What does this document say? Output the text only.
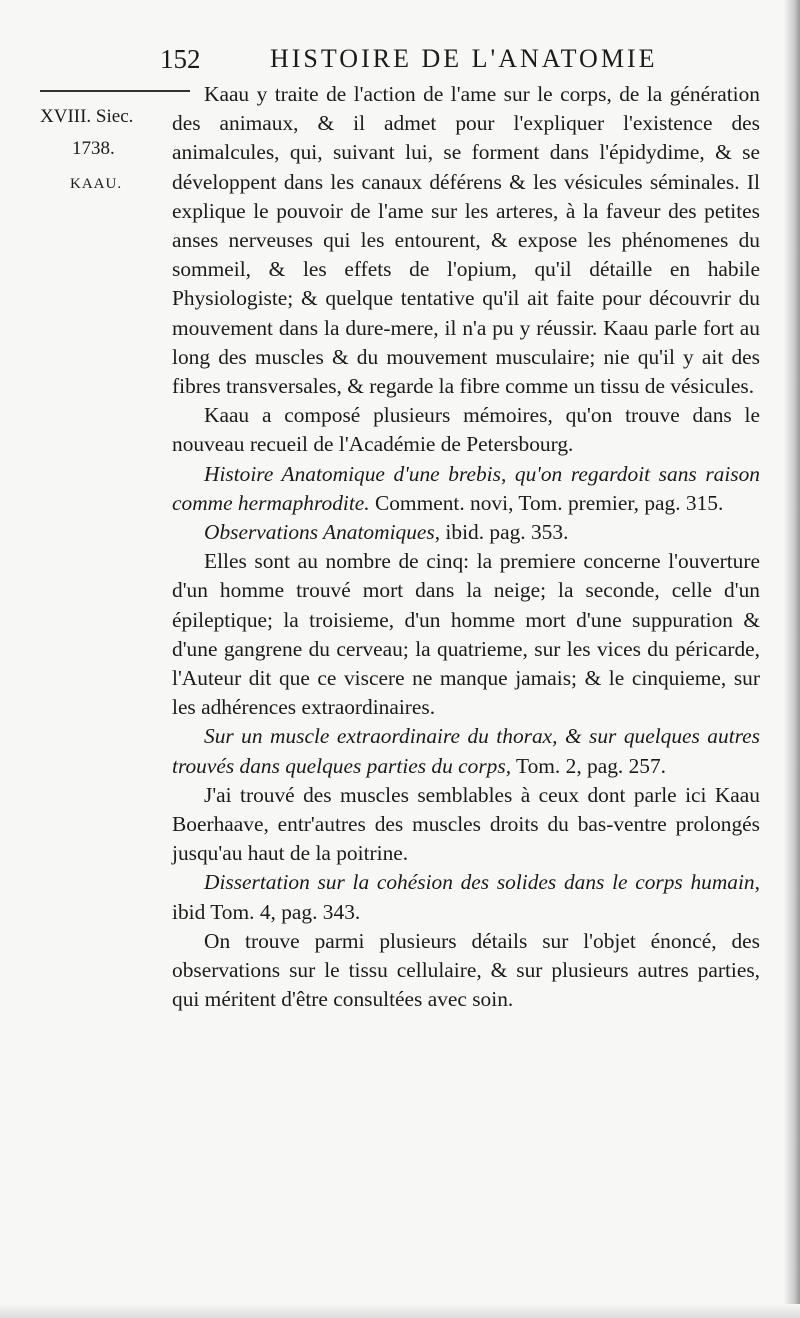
152	HISTOIRE DE L'ANATOMIE
XVIII. Siec.
1738.
KAAU.

Kaau y traite de l'action de l'ame sur le corps, de la génération des animaux, & il admet pour l'expliquer l'existence des animalcules, qui, suivant lui, se forment dans l'épidydime, & se développent dans les canaux déférens & les vésicules séminales. Il explique le pouvoir de l'ame sur les arteres, à la faveur des petites anses nerveuses qui les entourent, & expose les phénomenes du sommeil, & les effets de l'opium, qu'il détaille en habile Physiologiste; & quelque tentative qu'il ait faite pour découvrir du mouvement dans la dure-mere, il n'a pu y réussir. Kaau parle fort au long des muscles & du mouvement musculaire; nie qu'il y ait des fibres transversales, & regarde la fibre comme un tissu de vésicules.

Kaau a composé plusieurs mémoires, qu'on trouve dans le nouveau recueil de l'Académie de Petersbourg.

Histoire Anatomique d'une brebis, qu'on regardoit sans raison comme hermaphrodite. Comment. novi, Tom. premier, pag. 315.

Observations Anatomiques, ibid. pag. 353.

Elles sont au nombre de cinq: la premiere concerne l'ouverture d'un homme trouvé mort dans la neige; la seconde, celle d'un épileptique; la troisieme, d'un homme mort d'une suppuration & d'une gangrene du cerveau; la quatrieme, sur les vices du péricarde, l'Auteur dit que ce viscere ne manque jamais; & le cinquieme, sur les adhérences extraordinaires.

Sur un muscle extraordinaire du thorax, & sur quelques autres trouvés dans quelques parties du corps, Tom. 2, pag. 257.

J'ai trouvé des muscles semblables à ceux dont parle ici Kaau Boerhaave, entr'autres des muscles droits du bas-ventre prolongés jusqu'au haut de la poitrine.

Dissertation sur la cohésion des solides dans le corps humain, ibid Tom. 4, pag. 343.

On trouve parmi plusieurs détails sur l'objet énoncé, des observations sur le tissu cellulaire, & sur plusieurs autres parties, qui méritent d'être consultées avec soin.
